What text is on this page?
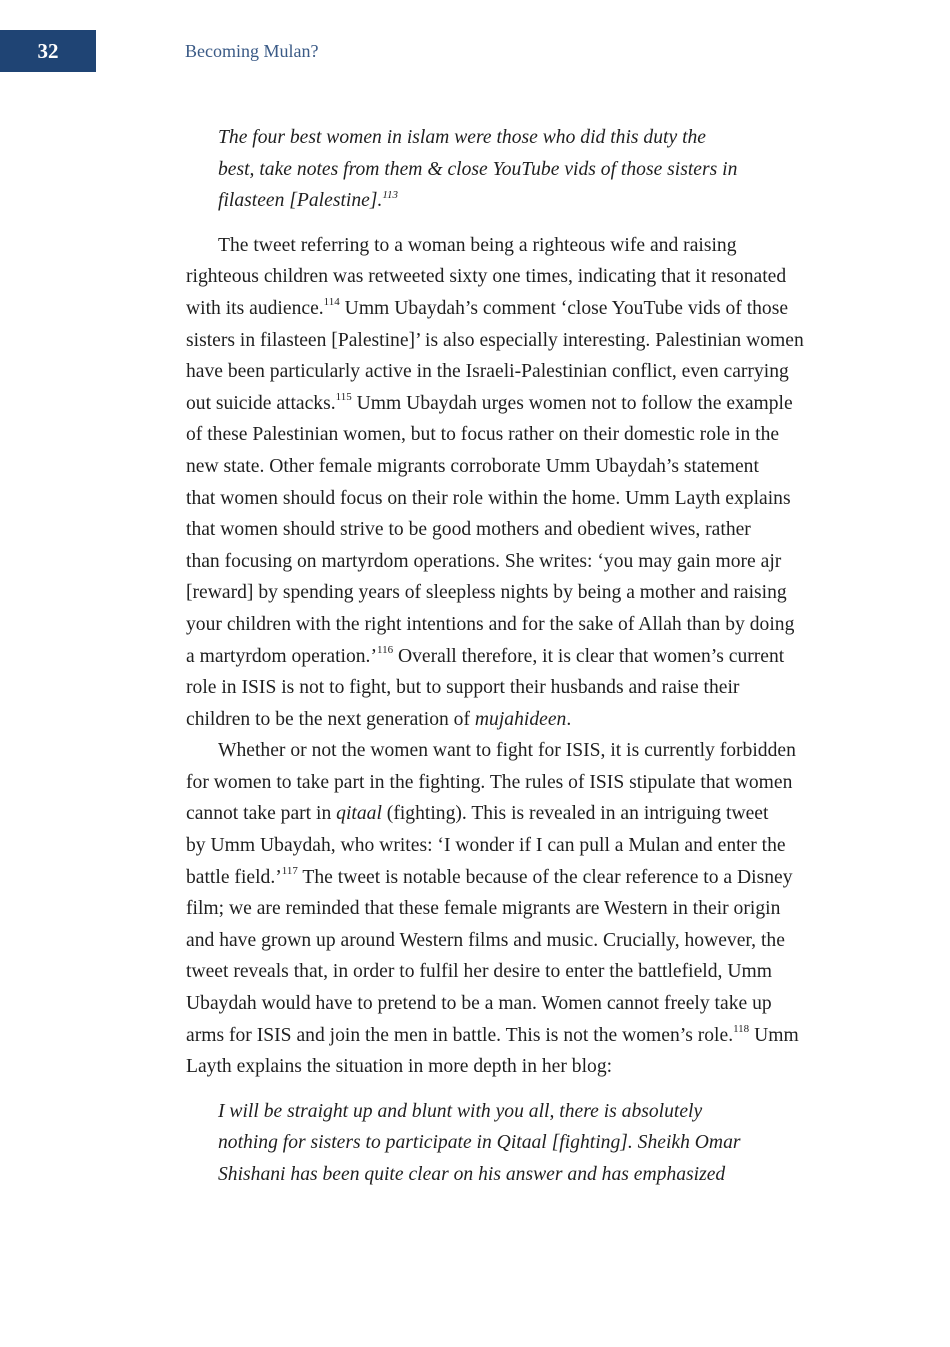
32	Becoming Mulan?
The four best women in islam were those who did this duty the
best, take notes from them & close YouTube vids of those sisters in
filasteen [Palestine].$^{113}$

The tweet referring to a woman being a righteous wife and raising
righteous children was retweeted sixty one times, indicating that it resonated
with its audience.$^{114}$ Umm Ubaydah’s comment ‘close YouTube vids of those
sisters in filasteen [Palestine]’ is also especially interesting. Palestinian women
have been particularly active in the Israeli-Palestinian conflict, even carrying
out suicide attacks.$^{115}$ Umm Ubaydah urges women not to follow the example
of these Palestinian women, but to focus rather on their domestic role in the
new state. Other female migrants corroborate Umm Ubaydah’s statement
that women should focus on their role within the home. Umm Layth explains
that women should strive to be good mothers and obedient wives, rather
than focusing on martyrdom operations. She writes: ‘you may gain more ajr
[reward] by spending years of sleepless nights by being a mother and raising
your children with the right intentions and for the sake of Allah than by doing
a martyrdom operation.’$^{116}$ Overall therefore, it is clear that women’s current
role in ISIS is not to fight, but to support their husbands and raise their
children to be the next generation of mujahideen.

Whether or not the women want to fight for ISIS, it is currently forbidden
for women to take part in the fighting. The rules of ISIS stipulate that women
cannot take part in qitaal (fighting). This is revealed in an intriguing tweet
by Umm Ubaydah, who writes: ‘I wonder if I can pull a Mulan and enter the
battle field.’$^{117}$ The tweet is notable because of the clear reference to a Disney
film; we are reminded that these female migrants are Western in their origin
and have grown up around Western films and music. Crucially, however, the
tweet reveals that, in order to fulfil her desire to enter the battlefield, Umm
Ubaydah would have to pretend to be a man. Women cannot freely take up
arms for ISIS and join the men in battle. This is not the women’s role.$^{118}$ Umm
Layth explains the situation in more depth in her blog:

I will be straight up and blunt with you all, there is absolutely
nothing for sisters to participate in Qitaal [fighting]. Sheikh Omar
Shishani has been quite clear on his answer and has emphasized
